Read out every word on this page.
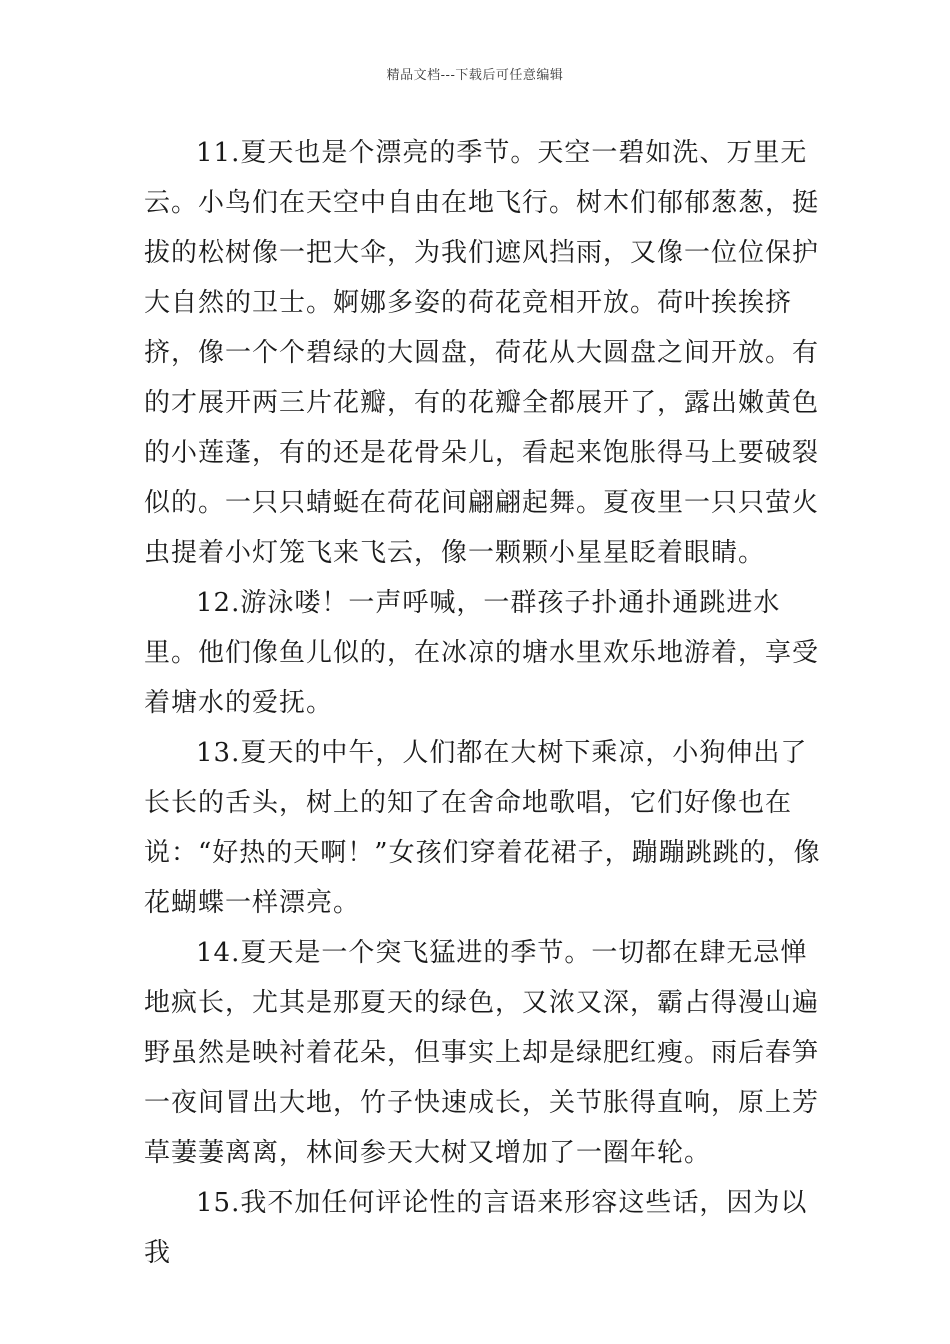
精品文档---下载后可任意编辑

11.夏天也是个漂亮的季节。天空一碧如洗、万里无云。小鸟们在天空中自由在地飞行。树木们郁郁葱葱，挺拔的松树像一把大伞，为我们遮风挡雨，又像一位位保护大自然的卫士。婀娜多姿的荷花竞相开放。荷叶挨挨挤挤，像一个个碧绿的大圆盘，荷花从大圆盘之间开放。有的才展开两三片花瓣，有的花瓣全都展开了，露出嫩黄色的小莲蓬，有的还是花骨朵儿，看起来饱胀得马上要破裂似的。一只只蜻蜓在荷花间翩翩起舞。夏夜里一只只萤火虫提着小灯笼飞来飞云，像一颗颗小星星眨着眼睛。

12.游泳喽！一声呼喊，一群孩子扑通扑通跳进水里。他们像鱼儿似的，在冰凉的塘水里欢乐地游着，享受着塘水的爱抚。

13.夏天的中午，人们都在大树下乘凉，小狗伸出了长长的舌头，树上的知了在舍命地歌唱，它们好像也在说：“好热的天啊！”女孩们穿着花裙子，蹦蹦跳跳的，像花蝴蝶一样漂亮。

14.夏天是一个突飞猛进的季节。一切都在肆无忌惮地疯长，尤其是那夏天的绿色，又浓又深，霸占得漫山遍野虽然是映衬着花朵，但事实上却是绿肥红瘦。雨后春笋一夜间冒出大地，竹子快速成长，关节胀得直响，原上芳草萋萋离离，林间参天大树又增加了一圈年轮。

15.我不加任何评论性的言语来形容这些话，因为以我
